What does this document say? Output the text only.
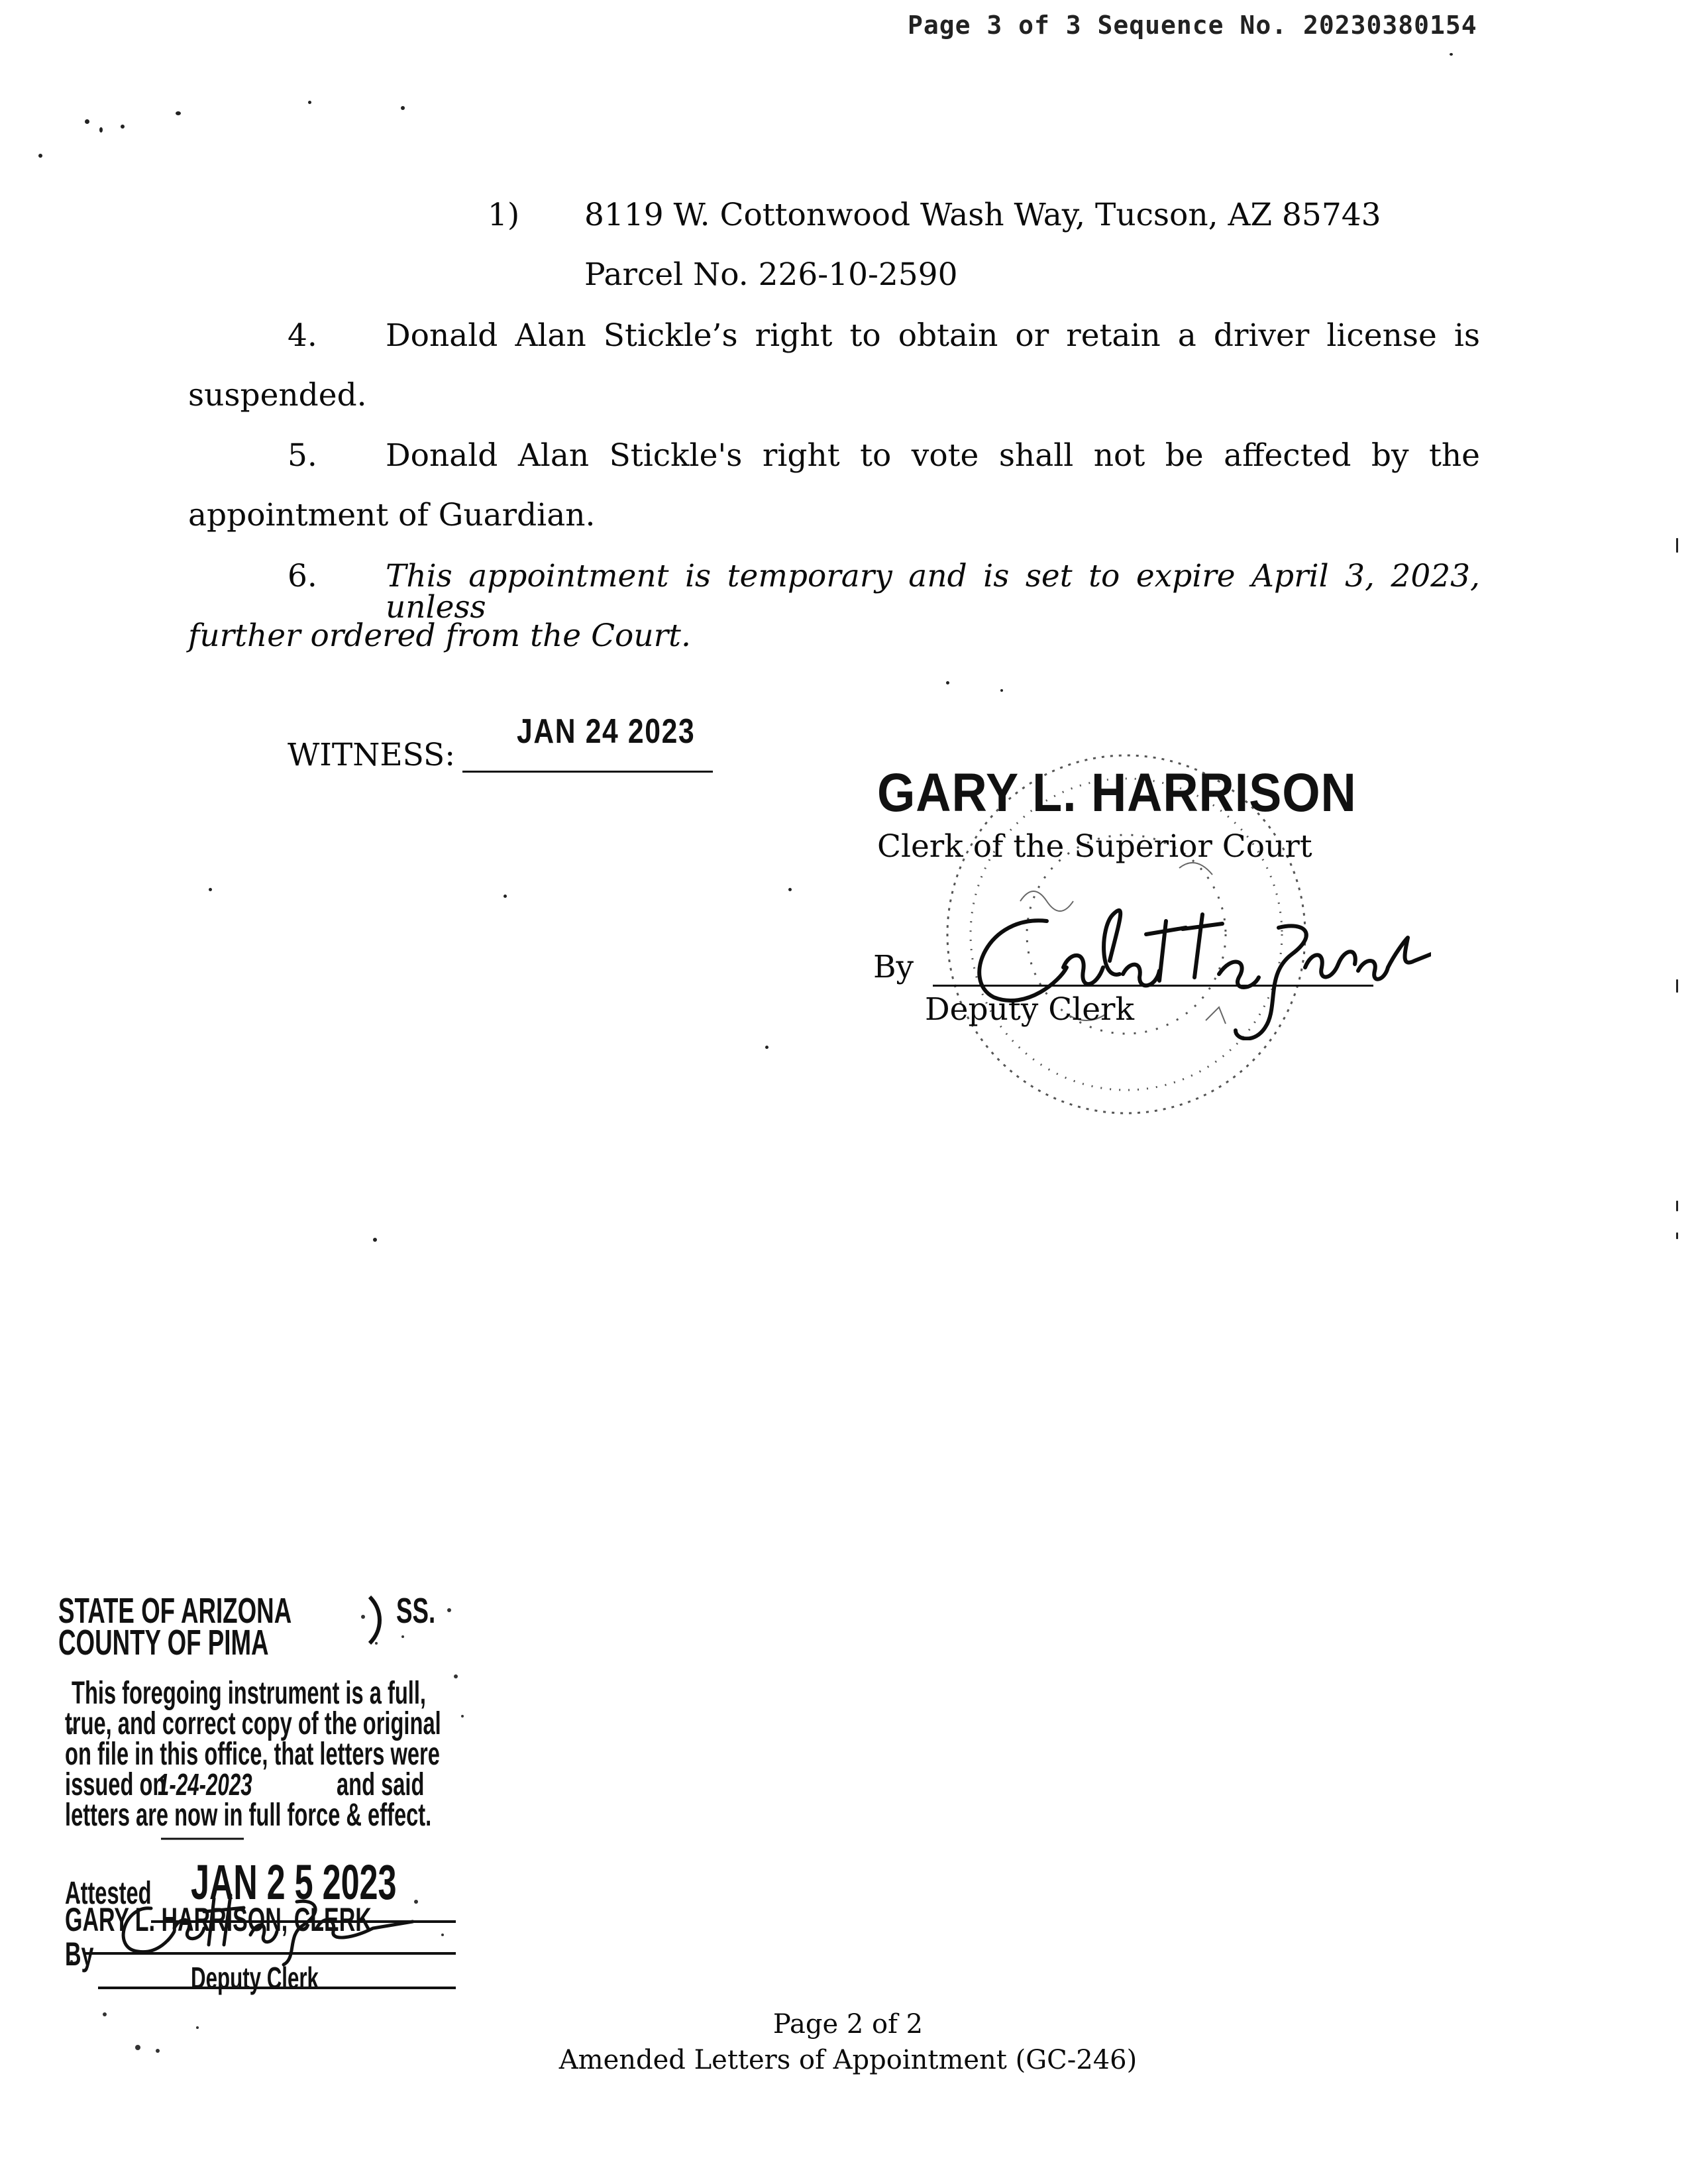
Page 3 of 3 Sequence No. 20230380154
1) 8119 W. Cottonwood Wash Way, Tucson, AZ 85743
Parcel No. 226-10-2590
4. Donald Alan Stickle’s right to obtain or retain a driver license is
suspended.
5. Donald Alan Stickle's right to vote shall not be affected by the
appointment of Guardian.
6. This appointment is temporary and is set to expire April 3, 2023, unless
further ordered from the Court.
WITNESS:
JAN 24 2023
GARY L. HARRISON
Clerk of the Superior Court
By
Deputy Clerk
STATE OF ARIZONA	SS.
COUNTY OF PIMA
This foregoing instrument is a full,
true, and correct copy of the original
on file in this office, that letters were
issued on
1-24-2023	and said
letters are now in full force & effect.
Attested JAN 2 5 2023
GARY L. HARRISON, CLERK
By
Deputy Clerk
Page 2 of 2
Amended Letters of Appointment (GC-246)
